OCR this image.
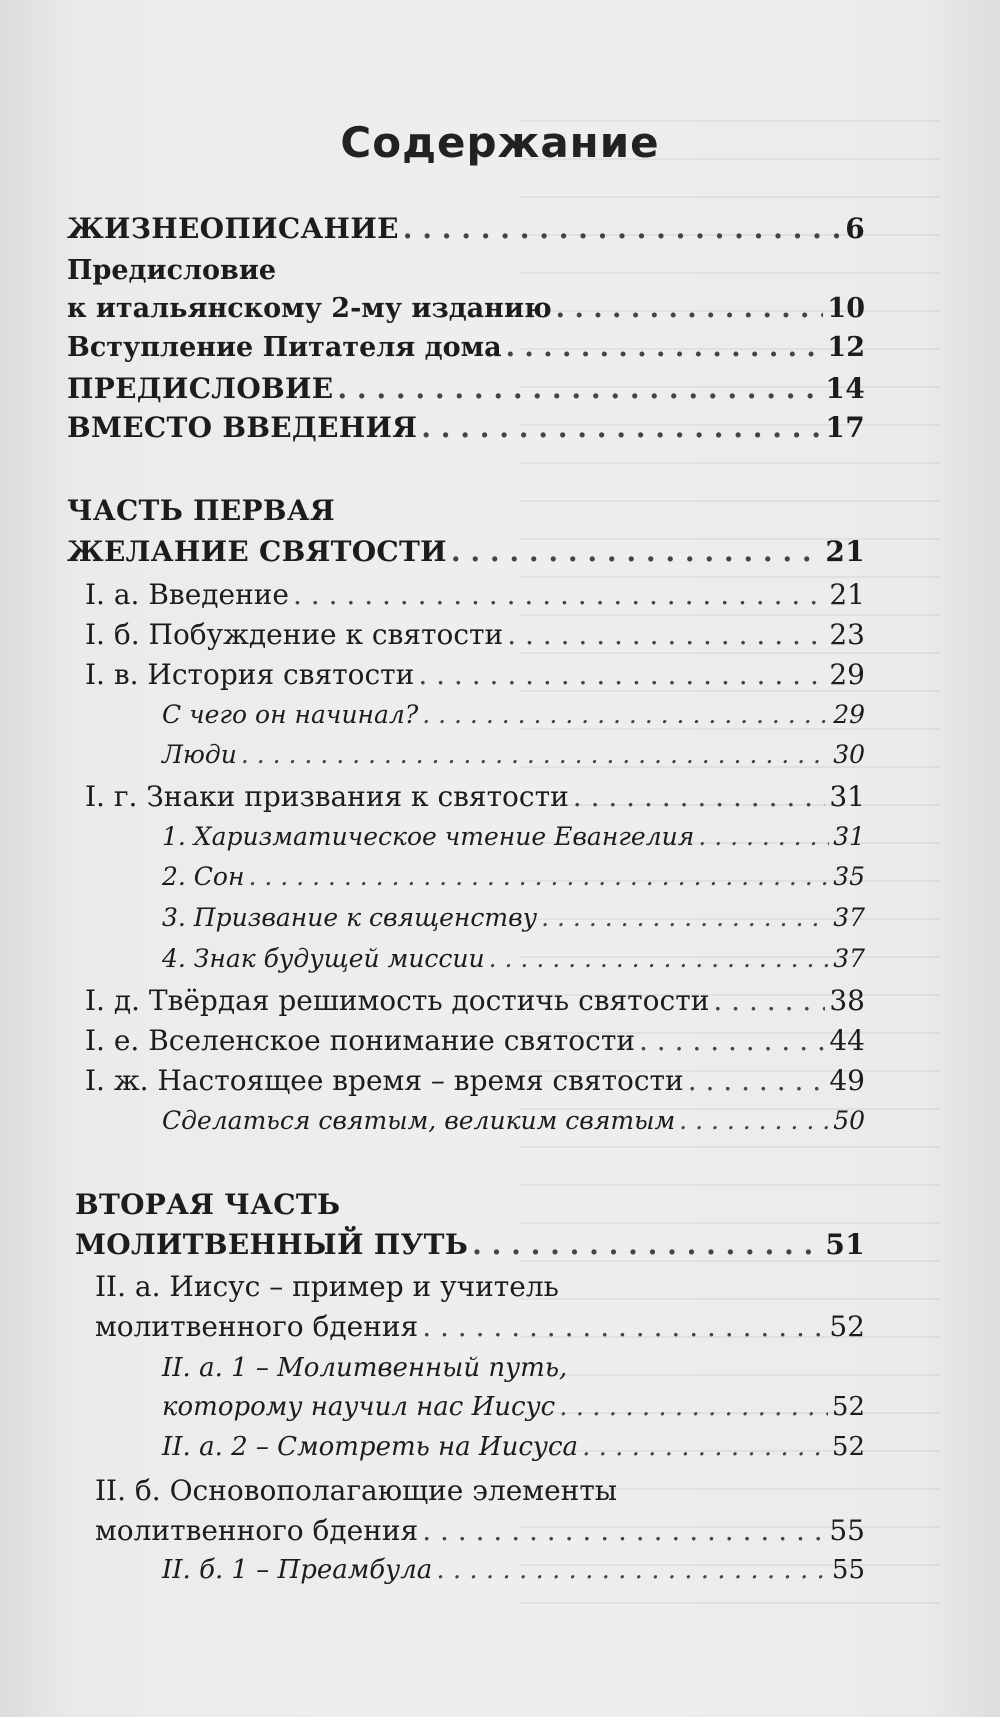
Содержание
ЖИЗНЕОПИСАНИЕ . . .	6
Предисловие
к итальянскому 2-му изданию . . .	10
Вступление Питателя дома . . .	12
ПРЕДИСЛОВИЕ . . .	14
ВМЕСТО ВВЕДЕНИЯ . . .	17
ЧАСТЬ ПЕРВАЯ
ЖЕЛАНИЕ СВЯТОСТИ . . .	21
I. а. Введение . . .	21
I. б. Побуждение к святости . . .	23
I. в. История святости . . .	29
С чего он начинал? . . .	29
Люди . . .	30
I. г. Знаки призвания к святости . . .	31
1. Харизматическое чтение Евангелия . . .	31
2. Сон . . .	35
3. Призвание к священству . . .	37
4. Знак будущей миссии . . .	37
I. д. Твёрдая решимость достичь святости . . .	38
I. е. Вселенское понимание святости . . .	44
I. ж. Настоящее время – время святости . . .	49
Сделаться святым, великим святым . . .	50
ВТОРАЯ ЧАСТЬ
МОЛИТВЕННЫЙ ПУТЬ . . .	51
II. а. Иисус – пример и учитель
молитвенного бдения . . .	52
II. а. 1 – Молитвенный путь,
которому научил нас Иисус . . .	52
II. а. 2 – Смотреть на Иисуса . . .	52
II. б. Основополагающие элементы
молитвенного бдения . . .	55
II. б. 1 – Преамбула . . .	55
